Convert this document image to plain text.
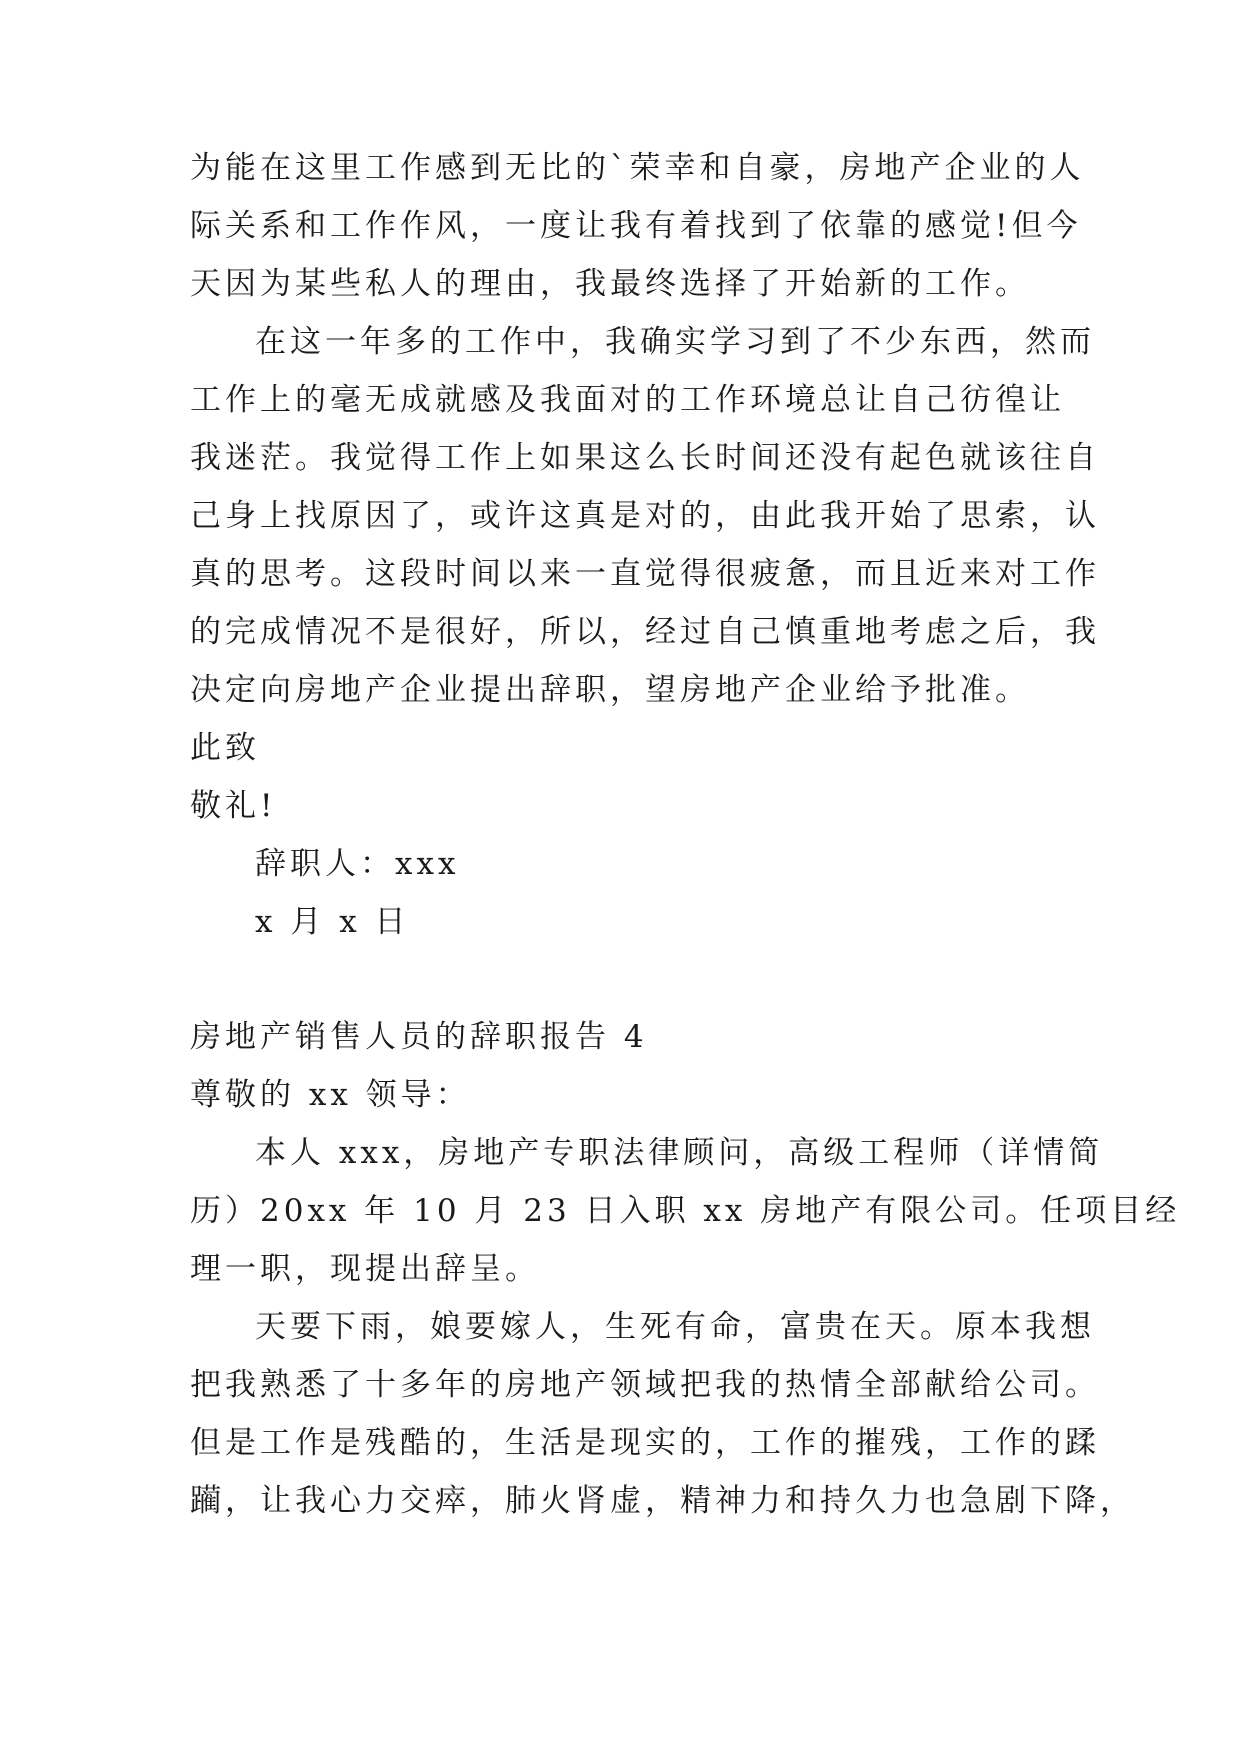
为能在这里工作感到无比的`荣幸和自豪，房地产企业的人
际关系和工作作风，一度让我有着找到了依靠的感觉!但今
天因为某些私人的理由，我最终选择了开始新的工作。
在这一年多的工作中，我确实学习到了不少东西，然而
工作上的毫无成就感及我面对的工作环境总让自己彷徨让
我迷茫。我觉得工作上如果这么长时间还没有起色就该往自
己身上找原因了，或许这真是对的，由此我开始了思索，认
真的思考。这段时间以来一直觉得很疲惫，而且近来对工作
的完成情况不是很好，所以，经过自己慎重地考虑之后，我
决定向房地产企业提出辞职，望房地产企业给予批准。
此致
敬礼!
辞职人：xxx
x 月 x 日
房地产销售人员的辞职报告 4
尊敬的 xx 领导：
本人 xxx，房地产专职法律顾问，高级工程师（详情简
历）20xx 年 10 月 23 日入职 xx 房地产有限公司。任项目经
理一职，现提出辞呈。
天要下雨，娘要嫁人，生死有命，富贵在天。原本我想
把我熟悉了十多年的房地产领域把我的热情全部献给公司。
但是工作是残酷的，生活是现实的，工作的摧残，工作的蹂
躏，让我心力交瘁，肺火肾虚，精神力和持久力也急剧下降，
